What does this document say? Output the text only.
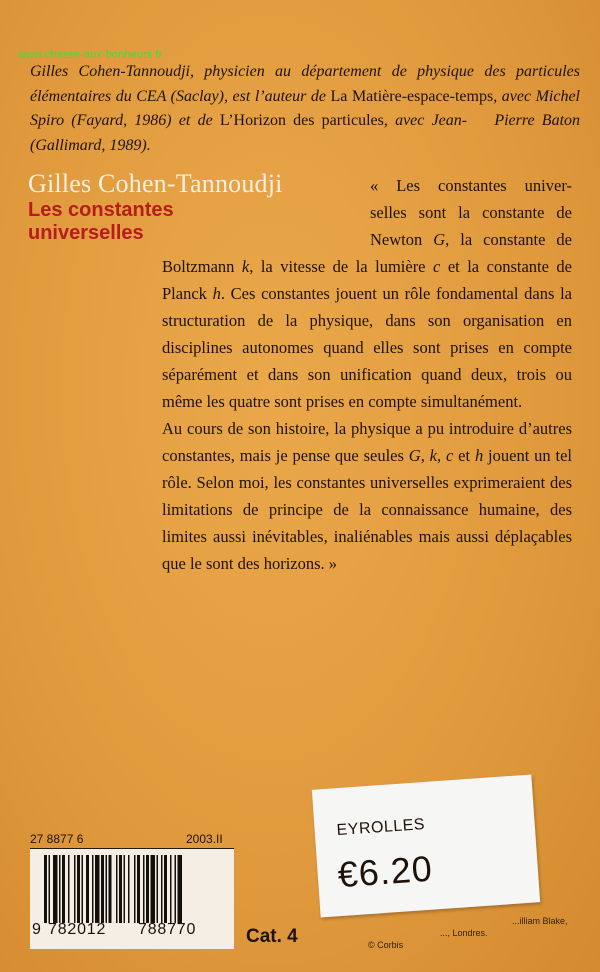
www.chasse-aux-bonheurs.fr

Gilles Cohen-Tannoudji, physicien au département de physique des particules élémentaires du CEA (Saclay), est l’auteur de La Matière-espace-temps, avec Michel Spiro (Fayard, 1986) et de L’Horizon des particules, avec Jean- Pierre Baton (Gallimard, 1989).

Gilles Cohen-Tannoudji
Les constantes
universelles
« Les constantes univer-
selles sont la constante de
Newton G, la constante de

Boltzmann k, la vitesse de la lumière c et la constante de Planck h. Ces constantes jouent un rôle fondamental dans la structuration de la physique, dans son organisation en disciplines autonomes quand elles sont prises en compte séparément et dans son unification quand deux, trois ou même les quatre sont prises en compte simultanément.

Au cours de son histoire, la physique a pu introduire d’autres constantes, mais je pense que seules G, k, c et h jouent un tel rôle. Selon moi, les constantes universelles exprimeraient des limitations de principe de la connaissance humaine, des limites aussi inévitables, inaliénables mais aussi déplaçables que le sont des horizons. »

27 8877 6	2003.II
9 782012 788770	Cat. 4
...illiam Blake,
..., Londres.
© Corbis
EYROLLES
€6.20
